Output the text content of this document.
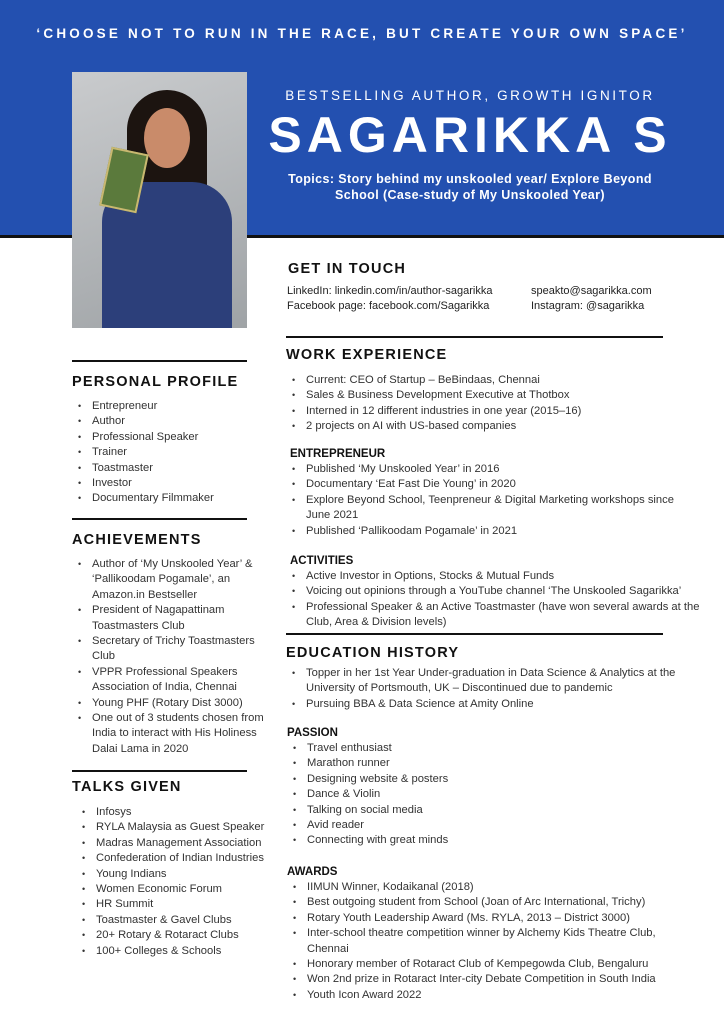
‘CHOOSE NOT TO RUN IN THE RACE, BUT CREATE YOUR OWN SPACE’
BESTSELLING AUTHOR, GROWTH IGNITOR
SAGARIKKA S
Topics: Story behind my unskooled year/ Explore Beyond School (Case-study of My Unskooled Year)
GET IN TOUCH
LinkedIn: linkedin.com/in/author-sagarikka
Facebook page: facebook.com/Sagarikka
speakto@sagarikka.com
Instagram: @sagarikka
PERSONAL PROFILE
• Entrepreneur
• Author
• Professional Speaker
• Trainer
• Toastmaster
• Investor
• Documentary Filmmaker
ACHIEVEMENTS
• Author of ‘My Unskooled Year’ & ‘Pallikoodam Pogamale’, an Amazon.in Bestseller
• President of Nagapattinam Toastmasters Club
• Secretary of Trichy Toastmasters Club
• VPPR Professional Speakers Association of India, Chennai
• Young PHF (Rotary Dist 3000)
• One out of 3 students chosen from India to interact with His Holiness Dalai Lama in 2020
TALKS GIVEN
• Infosys
• RYLA Malaysia as Guest Speaker
• Madras Management Association
• Confederation of Indian Industries
• Young Indians
• Women Economic Forum
• HR Summit
• Toastmaster & Gavel Clubs
• 20+ Rotary & Rotaract Clubs
• 100+ Colleges & Schools
WORK EXPERIENCE
• Current: CEO of Startup – BeBindaas, Chennai
• Sales & Business Development Executive at Thotbox
• Interned in 12 different industries in one year (2015–16)
• 2 projects on AI with US-based companies
ENTREPRENEUR
• Published ‘My Unskooled Year’ in 2016
• Documentary ‘Eat Fast Die Young’ in 2020
• Explore Beyond School, Teenpreneur & Digital Marketing workshops since June 2021
• Published ‘Pallikoodam Pogamale’ in 2021
ACTIVITIES
• Active Investor in Options, Stocks & Mutual Funds
• Voicing out opinions through a YouTube channel ‘The Unskooled Sagarikka’
• Professional Speaker & an Active Toastmaster (have won several awards at the Club, Area & Division levels)
EDUCATION HISTORY
• Topper in her 1st Year Under-graduation in Data Science & Analytics at the University of Portsmouth, UK – Discontinued due to pandemic
• Pursuing BBA & Data Science at Amity Online
PASSION
• Travel enthusiast
• Marathon runner
• Designing website & posters
• Dance & Violin
• Talking on social media
• Avid reader
• Connecting with great minds
AWARDS
• IIMUN Winner, Kodaikanal (2018)
• Best outgoing student from School (Joan of Arc International, Trichy)
• Rotary Youth Leadership Award (Ms. RYLA, 2013 – District 3000)
• Inter-school theatre competition winner by Alchemy Kids Theatre Club, Chennai
• Honorary member of Rotaract Club of Kempegowda Club, Bengaluru
• Won 2nd prize in Rotaract Inter-city Debate Competition in South India
• Youth Icon Award 2022
